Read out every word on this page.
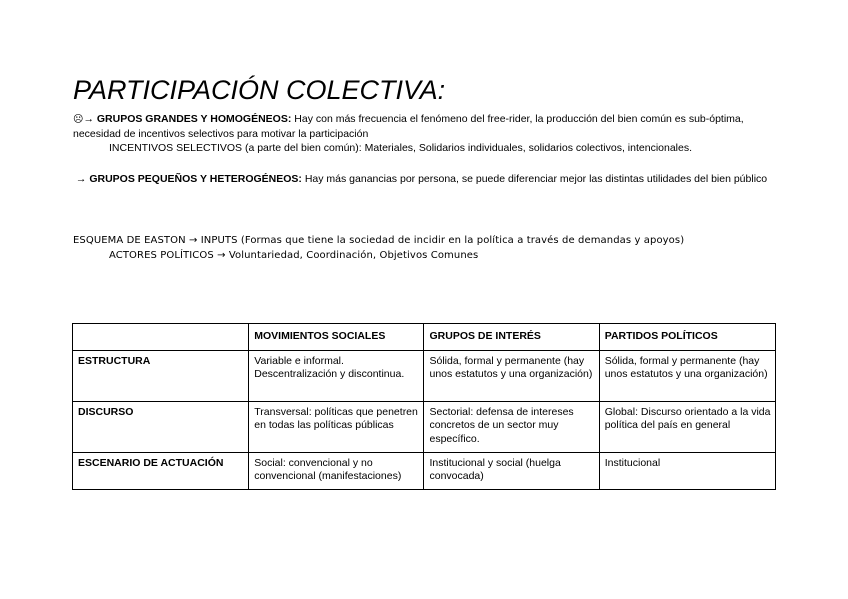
PARTICIPACIÓN COLECTIVA:

☹→ GRUPOS GRANDES Y HOMOGÉNEOS: Hay con más frecuencia el fenómeno del free-rider, la producción del bien común es sub-óptima, necesidad de incentivos selectivos para motivar la participación

INCENTIVOS SELECTIVOS (a parte del bien común): Materiales, Solidarios individuales, solidarios colectivos, intencionales.

→ GRUPOS PEQUEÑOS Y HETEROGÉNEOS: Hay más ganancias por persona, se puede diferenciar mejor las distintas utilidades del bien público

ESQUEMA DE EASTON → INPUTS (Formas que tiene la sociedad de incidir en la política a través de demandas y apoyos)

ACTORES POLÍTICOS → Voluntariedad, Coordinación, Objetivos Comunes

	MOVIMIENTOS SOCIALES	GRUPOS DE INTERÉS	PARTIDOS POLÍTICOS
ESTRUCTURA	Variable e informal. Descentralización y discontinua.	Sólida, formal y permanente (hay unos estatutos y una organización)	Sólida, formal y permanente (hay unos estatutos y una organización)
DISCURSO	Transversal: políticas que penetren en todas las políticas públicas	Sectorial: defensa de intereses concretos de un sector muy específico.	Global: Discurso orientado a la vida política del país en general
ESCENARIO DE ACTUACIÓN	Social: convencional y no convencional (manifestaciones)	Institucional y social (huelga convocada)	Institucional
